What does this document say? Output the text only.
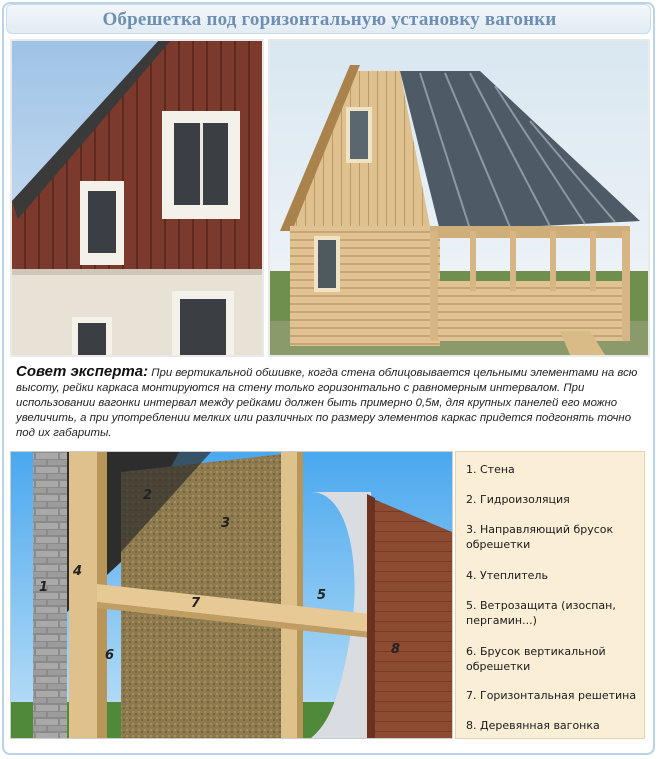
Обрешетка под горизонтальную установку вагонки
Совет эксперта: При вертикальной обшивке, когда стена облицовывается цельными элементами на всю высоту, рейки каркаса монтируются на стену только горизонтально с равномерным интервалом. При использовании вагонки интервал между рейками должен быть примерно 0,5м, для крупных панелей его можно увеличить, а при употреблении мелких или различных по размеру элементов каркас придется подгонять точно под их габариты.
1
2
3
4
5
6
7
8
1. Стена
2. Гидроизоляция
3. Направляющий брусок обрешетки
4. Утеплитель
5. Ветрозащита (изоспан, пергамин...)
6. Брусок вертикальной обрешетки
7. Горизонтальная решетина
8. Деревянная вагонка
